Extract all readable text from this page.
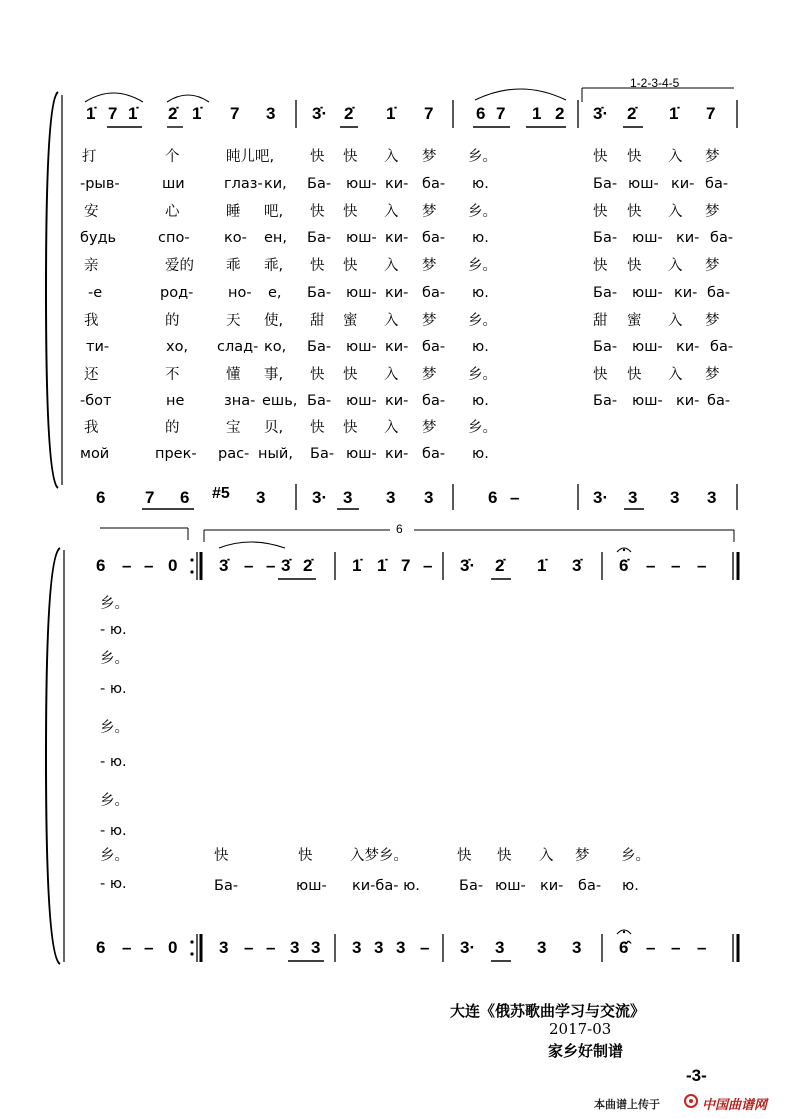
1-2-3-4-5
6
1̇ 7 1̇ 2̇ 1̇ 7 3 3̇· 2̇ 1̇ 7	6 7 1 2 3̇· 2̇ 1̇ 7
打	个	盹儿吧, 快 快 入 梦 乡。	快 快 入 梦
-рыв-	ши	глаз- ки, Ба- юш- ки- ба- ю.	Ба- юш- ки- ба-
安	心	睡 吧, 快 快 入 梦 乡。	快 快 入 梦
будь	спо- ко- ен, Ба- юш- ки- ба- ю.	Ба- юш- ки- ба-
亲	爱的 乖 乖, 快 快 入 梦 乡。	快 快 入 梦
-е	род- но- е, Ба- юш- ки- ба- ю.	Ба- юш- ки- ба-
我	的	天 使, 甜 蜜 入 梦 乡。	甜 蜜 入 梦
ти-	хо, слад- ко, Ба- юш- ки- ба- ю.	Ба- юш- ки- ба-
还	不	懂 事, 快 快 入 梦 乡。	快 快 入 梦
-бот	не	зна- ешь, Ба- юш- ки- ба- ю.	Ба- юш- ки- ба-
我	的	宝 贝, 快 快 入 梦 乡。
мой	прек- рас- ный, Ба- юш- ки- ба- ю.
6 7 6 #5 3	3· 3 3 3	6 –	3· 3 3 3
6 – – 0 3̇ – – 3̇ 2̇ 1̇ 1̇ 7 – 3̇· 2̇ 1̇ 3̇ 6̇ – – –
乡。
- ю.
乡。
- ю.
乡。
- ю.
乡。
- ю.
乡。	快	快	入梦乡。	快 快 入 梦 乡。
- ю.	Ба-	юш- ки-ба- ю.	Ба- юш- ки- ба- ю.
6 – – 0 3 – – 3 3 3 3 3 – 3· 3 3 3 6̂ – – –
大连《俄苏歌曲学习与交流》
2017-03
家乡好制谱
-3-
本曲谱上传于	中国曲谱网
